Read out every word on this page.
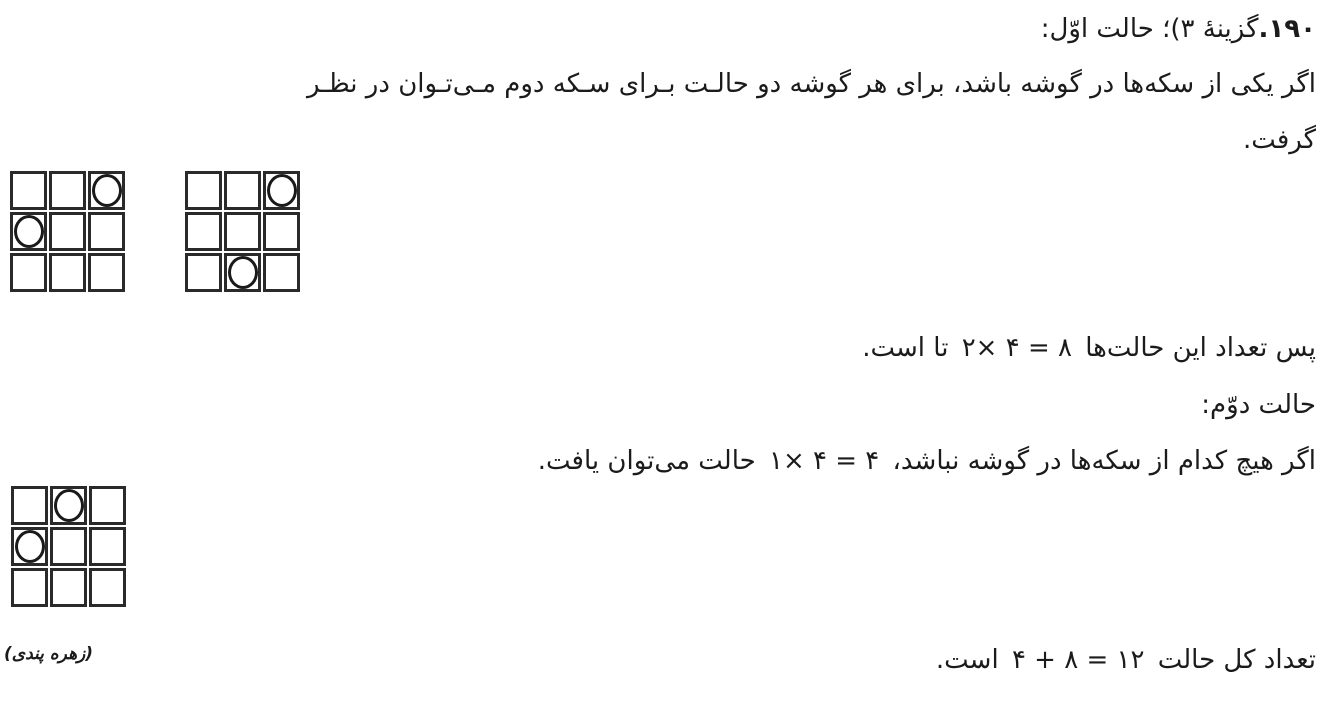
۱۹۰.گزینۀ ۳)؛ حالت اوّل:
اگر یکی از سکه‌ها در گوشه باشد، برای هر گوشه دو حالـت بـرای سـکه دوم مـی‌تـوان در نظـر
گرفت.
پس تعداد این حالت‌ها ۲× ۴ = ۸ تا است.
حالت دوّم:
اگر هیچ کدام از سکه‌ها در گوشه نباشد، ۱× ۴ = ۴ حالت می‌توان یافت.
(زهره پندی)	تعداد کل حالت ۴ + ۸ = ۱۲ است.
